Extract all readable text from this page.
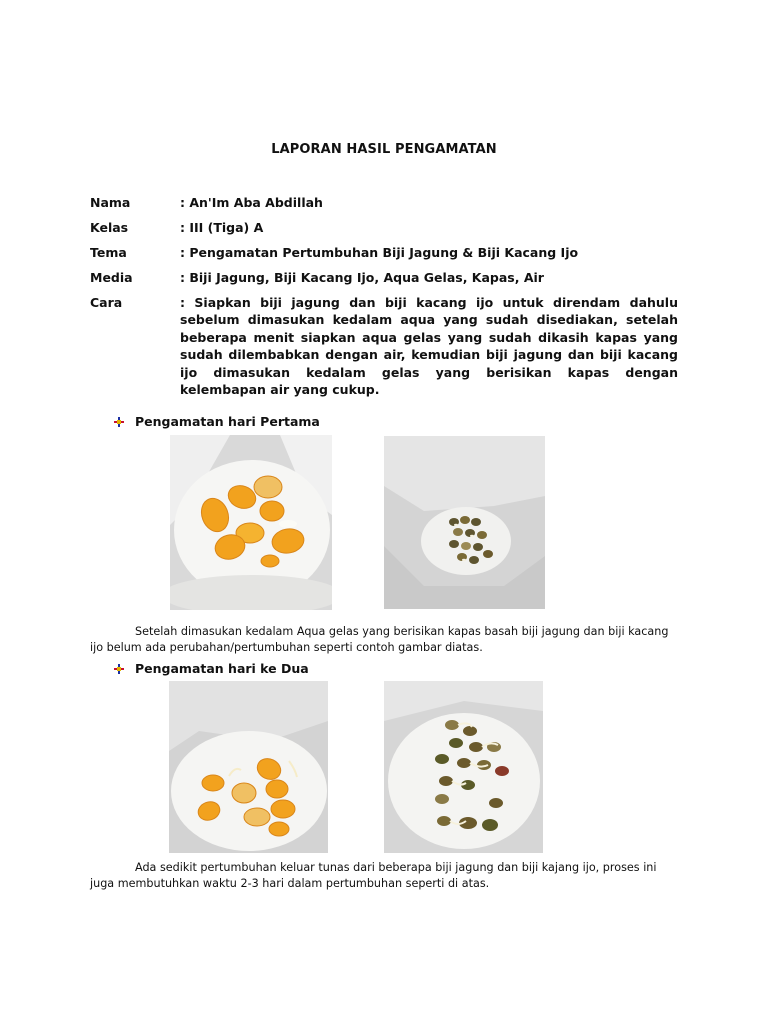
LAPORAN HASIL PENGAMATAN
Nama	: An'Im Aba Abdillah
Kelas	: III (Tiga) A
Tema	: Pengamatan Pertumbuhan Biji Jagung & Biji Kacang Ijo
Media	: Biji Jagung, Biji Kacang Ijo, Aqua Gelas, Kapas, Air
Cara	: Siapkan biji jagung dan biji kacang ijo untuk direndam dahulu sebelum dimasukan kedalam aqua yang sudah disediakan, setelah beberapa menit siapkan aqua gelas yang sudah dikasih kapas yang sudah dilembabkan dengan air, kemudian biji jagung dan biji kacang ijo dimasukan kedalam gelas yang berisikan kapas dengan kelembapan air yang cukup.
Pengamatan hari Pertama
Setelah dimasukan kedalam Aqua gelas yang berisikan kapas basah biji jagung dan biji kacang ijo belum ada perubahan/pertumbuhan seperti contoh gambar diatas.
Pengamatan hari ke Dua
Ada sedikit pertumbuhan keluar tunas dari beberapa biji jagung dan biji kajang ijo, proses ini juga membutuhkan waktu 2-3 hari dalam pertumbuhan seperti di atas.
